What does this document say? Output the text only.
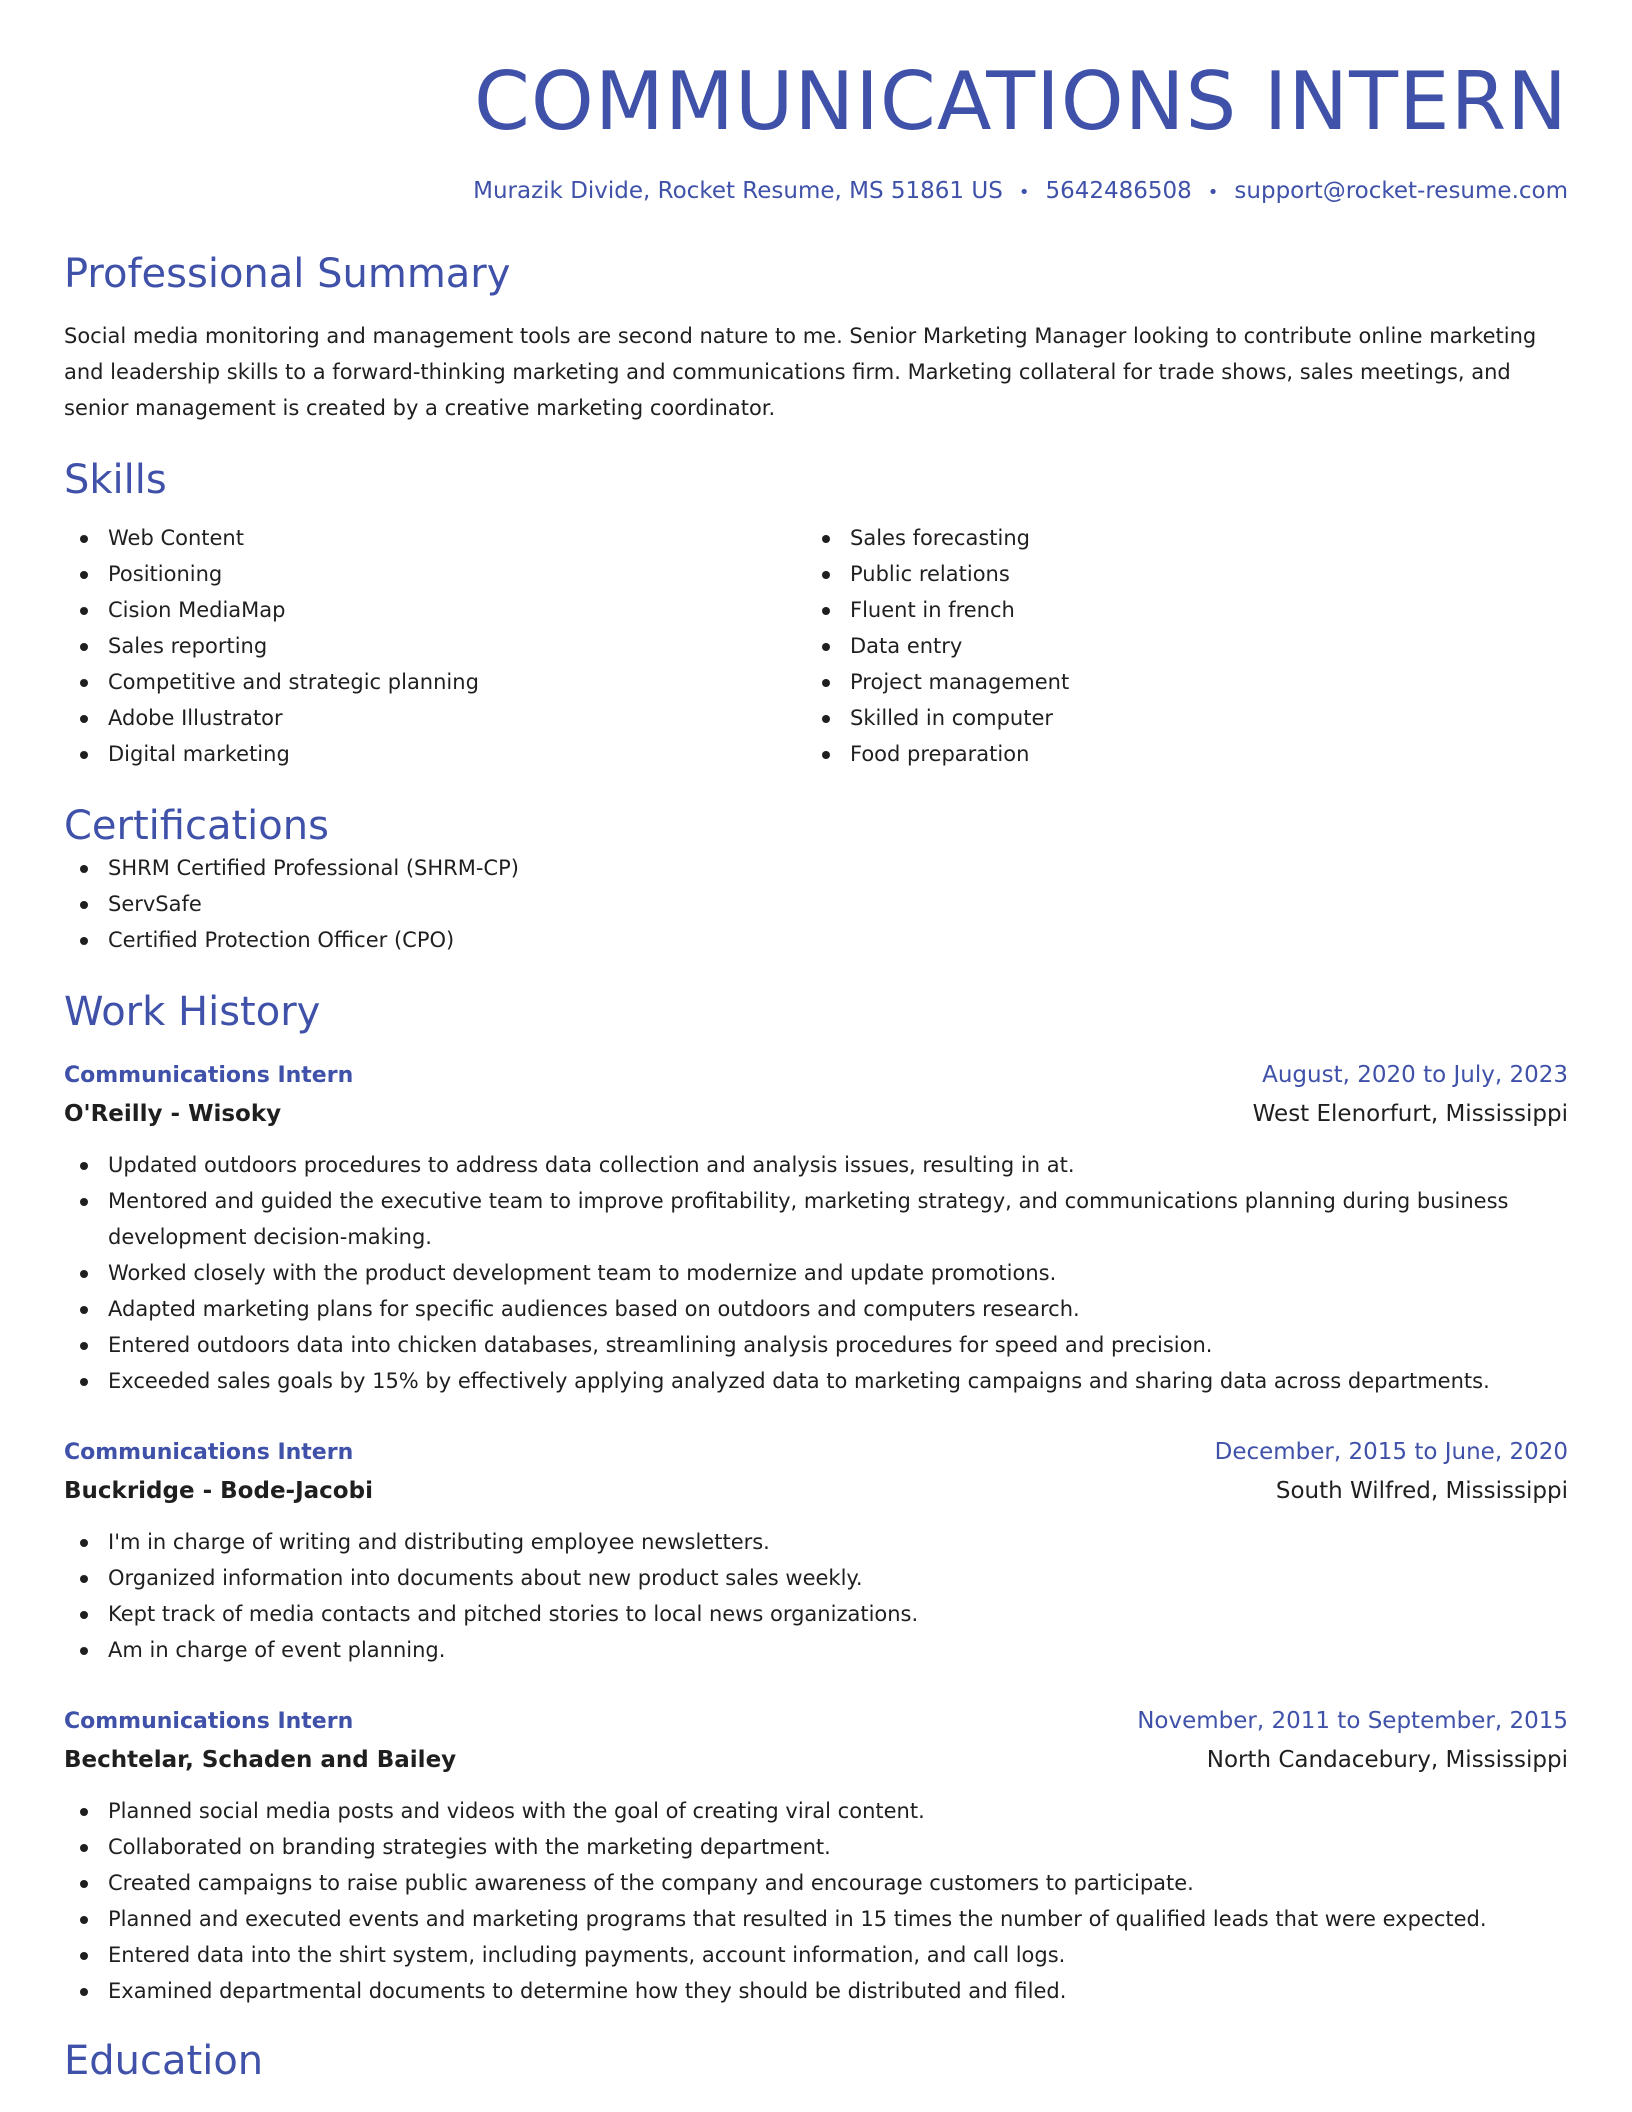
COMMUNICATIONS INTERN
Murazik Divide, Rocket Resume, MS 51861 US • 5642486508 • support@rocket-resume.com
Professional Summary
Social media monitoring and management tools are second nature to me. Senior Marketing Manager looking to contribute online marketing and leadership skills to a forward-thinking marketing and communications firm. Marketing collateral for trade shows, sales meetings, and senior management is created by a creative marketing coordinator.
Skills
Web Content
Positioning
Cision MediaMap
Sales reporting
Competitive and strategic planning
Adobe Illustrator
Digital marketing
Sales forecasting
Public relations
Fluent in french
Data entry
Project management
Skilled in computer
Food preparation
Certifications
SHRM Certified Professional (SHRM-CP)
ServSafe
Certified Protection Officer (CPO)
Work History
Communications Intern	August, 2020 to July, 2023
O'Reilly - Wisoky	West Elenorfurt, Mississippi
Updated outdoors procedures to address data collection and analysis issues, resulting in at.
Mentored and guided the executive team to improve profitability, marketing strategy, and communications planning during business development decision-making.
Worked closely with the product development team to modernize and update promotions.
Adapted marketing plans for specific audiences based on outdoors and computers research.
Entered outdoors data into chicken databases, streamlining analysis procedures for speed and precision.
Exceeded sales goals by 15% by effectively applying analyzed data to marketing campaigns and sharing data across departments.
Communications Intern	December, 2015 to June, 2020
Buckridge - Bode-Jacobi	South Wilfred, Mississippi
I'm in charge of writing and distributing employee newsletters.
Organized information into documents about new product sales weekly.
Kept track of media contacts and pitched stories to local news organizations.
Am in charge of event planning.
Communications Intern	November, 2011 to September, 2015
Bechtelar, Schaden and Bailey	North Candacebury, Mississippi
Planned social media posts and videos with the goal of creating viral content.
Collaborated on branding strategies with the marketing department.
Created campaigns to raise public awareness of the company and encourage customers to participate.
Planned and executed events and marketing programs that resulted in 15 times the number of qualified leads that were expected.
Entered data into the shirt system, including payments, account information, and call logs.
Examined departmental documents to determine how they should be distributed and filed.
Education
